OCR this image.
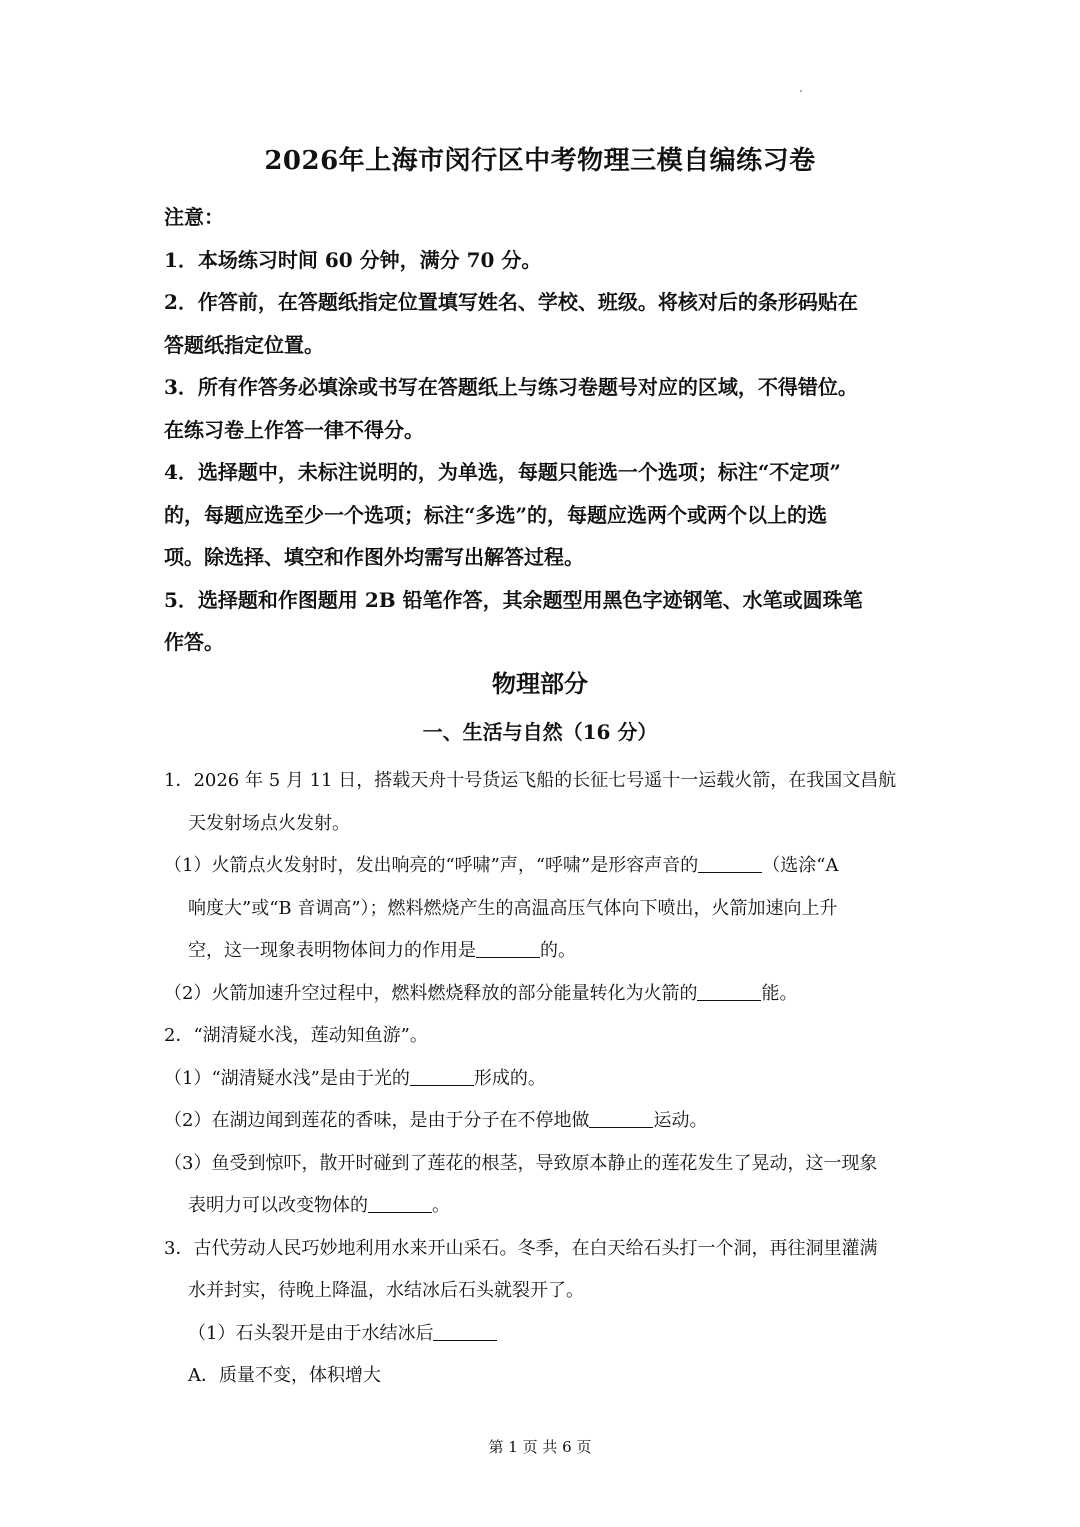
2026年上海市闵行区中考物理三模自编练习卷

注意：

1．本场练习时间 60 分钟，满分 70 分。

2．作答前，在答题纸指定位置填写姓名、学校、班级。将核对后的条形码贴在

答题纸指定位置。

3．所有作答务必填涂或书写在答题纸上与练习卷题号对应的区域，不得错位。

在练习卷上作答一律不得分。

4．选择题中，未标注说明的，为单选，每题只能选一个选项；标注“不定项”

的，每题应选至少一个选项；标注“多选”的，每题应选两个或两个以上的选

项。除选择、填空和作图外均需写出解答过程。

5．选择题和作图题用 2B 铅笔作答，其余题型用黑色字迹钢笔、水笔或圆珠笔

作答。

物理部分
一、生活与自然（16 分）

1．2026 年 5 月 11 日，搭载天舟十号货运飞船的长征七号遥十一运载火箭，在我国文昌航

天发射场点火发射。

（1）火箭点火发射时，发出响亮的“呼啸”声，“呼啸”是形容声音的	（选涂“A

响度大”或“B 音调高”）；燃料燃烧产生的高温高压气体向下喷出，火箭加速向上升

空，这一现象表明物体间力的作用是	的。

（2）火箭加速升空过程中，燃料燃烧释放的部分能量转化为火箭的	能。

2．“湖清疑水浅，莲动知鱼游”。

（1）“湖清疑水浅”是由于光的	形成的。

（2）在湖边闻到莲花的香味，是由于分子在不停地做	运动。

（3）鱼受到惊吓，散开时碰到了莲花的根茎，导致原本静止的莲花发生了晃动，这一现象

表明力可以改变物体的	。

3．古代劳动人民巧妙地利用水来开山采石。冬季，在白天给石头打一个洞，再往洞里灌满

水并封实，待晚上降温，水结冰后石头就裂开了。

（1）石头裂开是由于水结冰后

A．质量不变，体积增大

第 1 页 共 6 页
